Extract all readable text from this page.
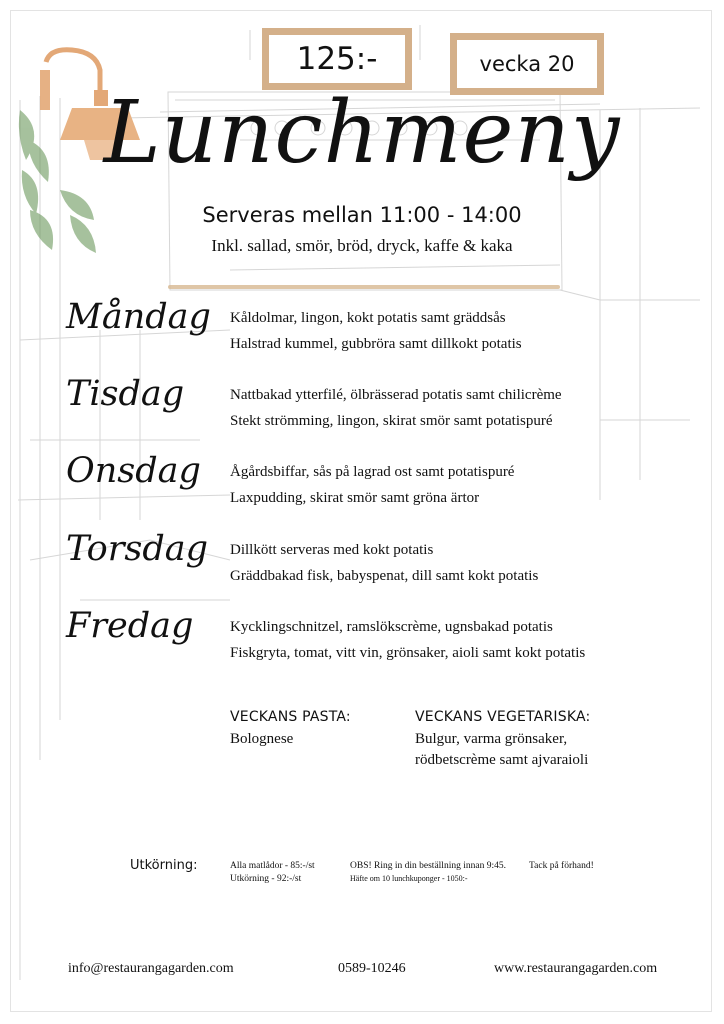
125:-	vecka 20
Lunchmeny
Serveras mellan 11:00 - 14:00
Inkl. sallad, smör, bröd, dryck, kaffe & kaka
Måndag Kåldolmar, lingon, kokt potatis samt gräddsås
Halstrad kummel, gubbröra samt dillkokt potatis
Tisdag	Nattbakad ytterfilé, ölbrässerad potatis samt chilicrème
Stekt strömming, lingon, skirat smör samt potatispuré
Onsdag Ågårdsbiffar, sås på lagrad ost samt potatispuré
Laxpudding, skirat smör samt gröna ärtor
Torsdag Dillkött serveras med kokt potatis
Gräddbakad fisk, babyspenat, dill samt kokt potatis
Fredag Kycklingschnitzel, ramslökscrème, ugnsbakad potatis
Fiskgryta, tomat, vitt vin, grönsaker, aioli samt kokt potatis
VECKANS PASTA:
Bolognese
VECKANS VEGETARISKA:
Bulgur, varma grönsaker,
rödbetscrème samt ajvaraioli
Utkörning:	Alla matlådor - 85:-/st
Utkörning - 92:-/st
OBS! Ring in din beställning innan 9:45.
Häfte om 10 lunchkuponger - 1050:-
Tack på förhand!
info@restaurangagarden.com	0589-10246	www.restaurangagarden.com
